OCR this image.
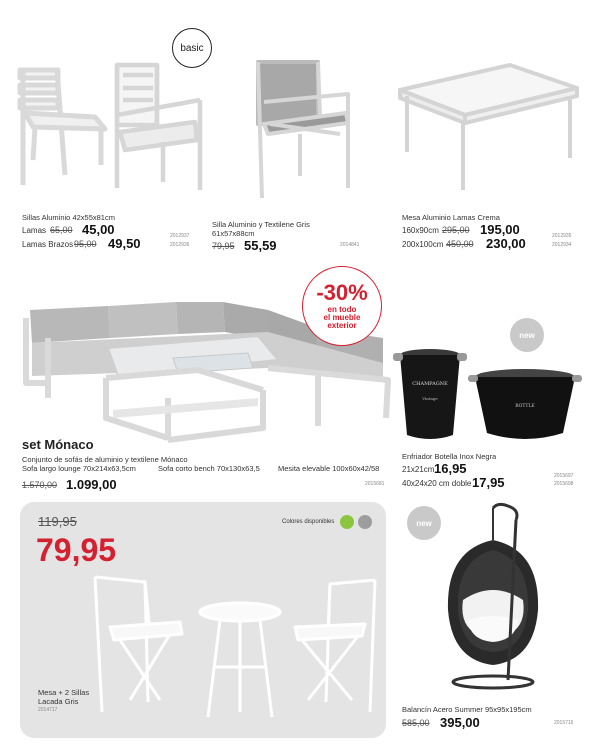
basic
Sillas Aluminio 42x55x81cm
Lamas 65,00 45,00	2012937
Lamas Brazos 95,00 49,50	2012936
Silla Aluminio y Textilene Gris
61x57x88cm
79,95 55,59	2014841
Mesa Aluminio Lamas Crema
160x90cm 295,00 195,00	2012935
200x100cm 450,00 230,00	2012934
-30%
en todo
el mueble
exterior
new
CHAMPAGNE
Vintage
BOTTLE
set Mónaco
Conjunto de sofás de aluminio y textilene Mónaco
Sofa largo lounge 70x214x63,5cm	Sofa corto bench 70x130x63,5 Mesita elevable 100x60x42/58
1.570,00 1.099,00	2015681
Enfriador Botella Inox Negra
21x21cm 16,95	2015697
40x24x20 cm doble 17,95	2015698
119,95
79,95
Colores disponibles
Mesa + 2 Sillas
Lacada Gris
2014717
new
Balancín Acero Summer 95x95x195cm
585,00 395,00	2015716
